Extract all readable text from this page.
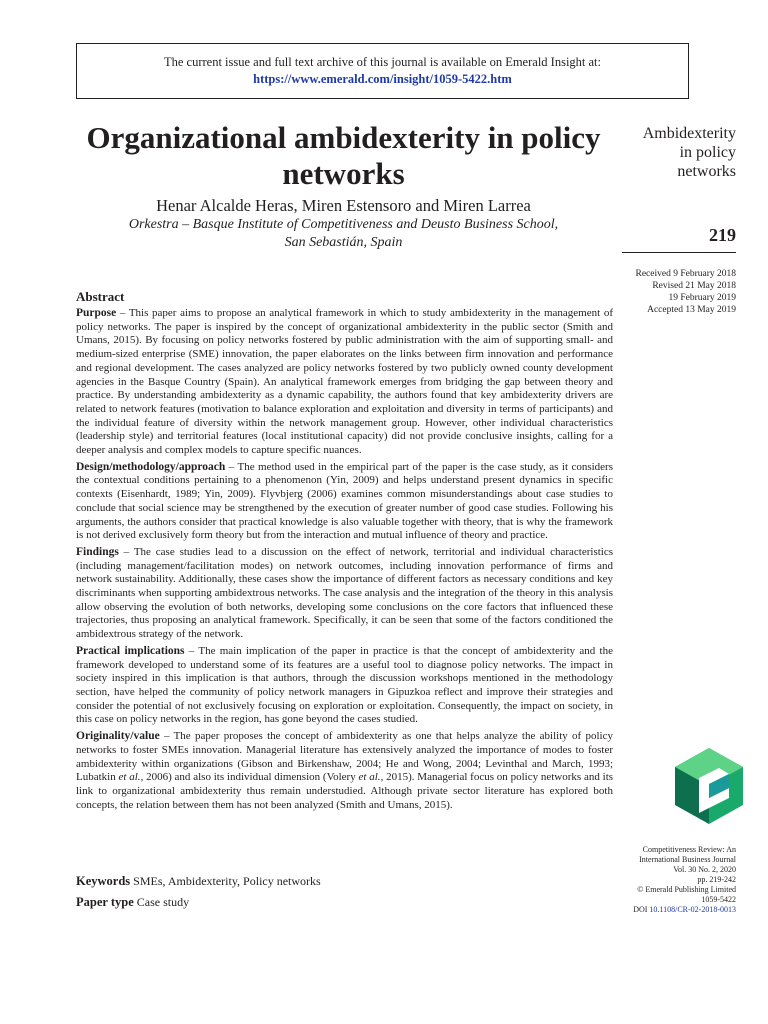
The current issue and full text archive of this journal is available on Emerald Insight at:
https://www.emerald.com/insight/1059-5422.htm
Organizational ambidexterity in policy networks
Henar Alcalde Heras, Miren Estensoro and Miren Larrea
Orkestra – Basque Institute of Competitiveness and Deusto Business School,
San Sebastián, Spain
Ambidexterity
in policy
networks
219
Received 9 February 2018
Revised 21 May 2018
19 February 2019
Accepted 13 May 2019
Abstract

Purpose – This paper aims to propose an analytical framework in which to study ambidexterity in the management of policy networks. The paper is inspired by the concept of organizational ambidexterity in the public sector (Smith and Umans, 2015). By focusing on policy networks fostered by public administration with the aim of supporting small- and medium-sized enterprise (SME) innovation, the paper elaborates on the links between firm innovation and performance and regional development. The cases analyzed are policy networks fostered by two publicly owned county development agencies in the Basque Country (Spain). An analytical framework emerges from bridging the gap between theory and practice. By understanding ambidexterity as a dynamic capability, the authors found that key ambidexterity drivers are related to network features (motivation to balance exploration and exploitation and diversity in terms of participants) and the individual feature of diversity within the network management group. However, other individual characteristics (leadership style) and territorial features (local institutional capacity) did not provide conclusive insights, calling for a deeper analysis and complex models to capture specific nuances.

Design/methodology/approach – The method used in the empirical part of the paper is the case study, as it considers the contextual conditions pertaining to a phenomenon (Yin, 2009) and helps understand present dynamics in specific contexts (Eisenhardt, 1989; Yin, 2009). Flyvbjerg (2006) examines common misunderstandings about case studies to conclude that social science may be strengthened by the execution of greater number of good case studies. Following his arguments, the authors consider that practical knowledge is also valuable together with theory, that is why the framework is not derived exclusively form theory but from the interaction and mutual influence of theory and practice.

Findings – The case studies lead to a discussion on the effect of network, territorial and individual characteristics (including management/facilitation modes) on network outcomes, including innovation performance of firms and network sustainability. Additionally, these cases show the importance of different factors as necessary conditions and key discriminants when supporting ambidextrous networks. The case analysis and the integration of the theory in this analysis allow observing the evolution of both networks, developing some conclusions on the core factors that influenced these trajectories, thus proposing an analytical framework. Specifically, it can be seen that some of the factors conditioned the ambidextrous strategy of the network.

Practical implications – The main implication of the paper in practice is that the concept of ambidexterity and the framework developed to understand some of its features are a useful tool to diagnose policy networks. The impact in society inspired in this implication is that authors, through the discussion workshops mentioned in the methodology section, have helped the community of policy network managers in Gipuzkoa reflect and improve their strategies and consider the potential of not exclusively focusing on exploration or exploitation. Consequently, the impact on society, in this case on policy networks in the region, has gone beyond the cases studied.

Originality/value – The paper proposes the concept of ambidexterity as one that helps analyze the ability of policy networks to foster SMEs innovation. Managerial literature has extensively analyzed the importance of modes to foster ambidexterity within organizations (Gibson and Birkenshaw, 2004; He and Wong, 2004; Levinthal and March, 1993; Lubatkin et al., 2006) and also its individual dimension (Volery et al., 2015). Managerial focus on policy networks and its link to organizational ambidexterity thus remain understudied. Although private sector literature has explored both concepts, the relation between them has not been analyzed (Smith and Umans, 2015).

Keywords SMEs, Ambidexterity, Policy networks
Paper type Case study
Competitiveness Review: An
International Business Journal
Vol. 30 No. 2, 2020
pp. 219-242
© Emerald Publishing Limited
1059-5422
DOI 10.1108/CR-02-2018-0013
